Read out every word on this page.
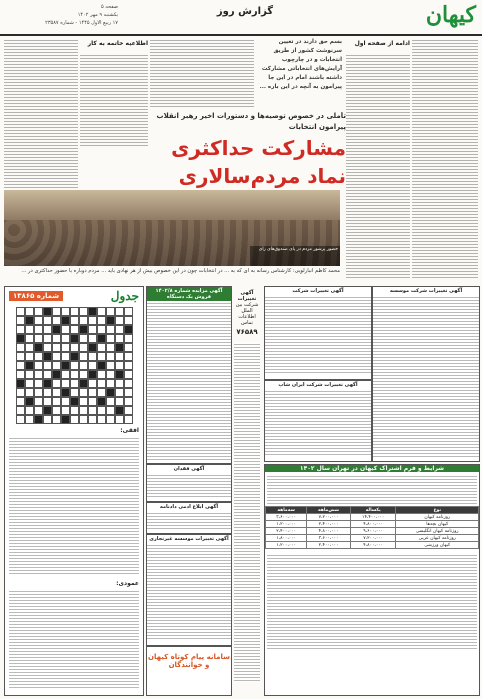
کیهان
گزارش روز
صفحه ۵
یکشنبه ۹ مهر ۱۴۰۲
۱۷ ربیع الاول ۱۴۴۵ - شماره ۲۳۵۸۷
اطلاعیه خاتمه به کار	ادامه از صفحه اول
بسم حق دارند در تعیین سرنوشت کشور از طریق انتخابات و در چارچوب آرایش‌های انتخاباتی مشارکت داشته باشند امام در این جا پیرامون به آنچه در این باره ...
تأملی در خصوص توصیه‌ها و دستورات اخیر رهبر انقلاب
پیرامون انتخابات
مشارکت حداکثری نماد مردم‌سالاری
حضور پرشور مردم در پای صندوق‌های رای
محمد کاظم انبارلویی: کارشناس رسانه به ای که به ... در انتخابات چون در این خصوص بیش از هر نهادی باید ... مردم دوباره با حضور حداکثری در ...
جدول
شماره ۱۳۸۶۵
افقی:
عمودی:
آگهی مزایده شماره ۱۴۰۲/۸ فروش یک دستگاه
آگهی فقدان
آگهی ابلاغ ادمی دادنامه
آگهی تغییرات موسسه غیرتجاری
سامانه پیام کوتاه کیهان و خوانندگان
آگهی تغییرات
شرکت بین الملل
اطلاعات تماس
۷۶۵۸۹
آگهی تغییرات شرکت
آگهی تغییرات شرکت ایران شاپ
آگهی تغییرات شرکت موسسه
شرایط و فرم اشتراک کیهان در تهران سال ۱۴۰۲
نوع	یکساله	شش‌ماهه	سه‌ماهه
روزنامه کیهان	۱۴،۴۰۰،۰۰۰	۷،۲۰۰،۰۰۰	۳،۶۰۰،۰۰۰
کیهان بچه‌ها	۴،۸۰۰،۰۰۰	۲،۴۰۰،۰۰۰	۱،۲۰۰،۰۰۰
روزنامه کیهان انگلیسی	۹،۶۰۰،۰۰۰	۴،۸۰۰،۰۰۰	۲،۴۰۰،۰۰۰
روزنامه کیهان عربی	۷،۲۰۰،۰۰۰	۳،۶۰۰،۰۰۰	۱،۸۰۰،۰۰۰
کیهان ورزشی	۴،۸۰۰،۰۰۰	۲،۴۰۰،۰۰۰	۱،۲۰۰،۰۰۰
